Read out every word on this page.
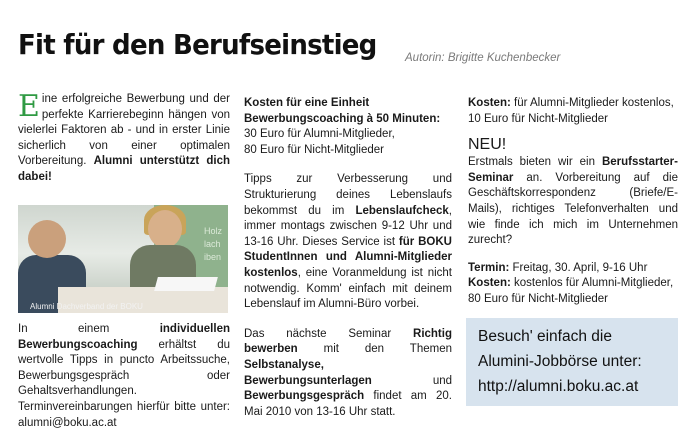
Fit für den Berufseinstieg Autorin: Brigitte Kuchenbecker

Eine erfolgreiche Bewerbung und der perfekte Karrierebeginn hängen von vielerlei Faktoren ab - und in erster Linie sicherlich von einer optimalen Vorbereitung. Alumni unterstützt dich dabei!

Holz
lach
iben
Alumni Dachverband der BOKU

In einem	individuellen Bewerbungscoaching erhältst du wertvolle Tipps in puncto Arbeitssuche, Bewerbungsgespräch oder Gehaltsverhandlungen. Terminvereinbarungen hierfür bitte unter: alumni@boku.ac.at

Kosten für eine Einheit Bewerbungscoaching à 50 Minuten:

30 Euro für Alumni-Mitglieder,

80 Euro für Nicht-Mitglieder

Tipps zur Verbesserung und Strukturierung deines Lebenslaufs bekommst du im Lebenslaufcheck, immer montags zwischen 9-12 Uhr und 13-16 Uhr. Dieses Service ist für BOKU StudentInnen und Alumni-Mitglieder kostenlos, eine Voranmeldung ist nicht notwendig. Komm' einfach mit deinem Lebenslauf im Alumni-Büro vorbei.

Das nächste Seminar Richtig bewerben mit den Themen Selbstanalyse, Bewerbungsunterlagen	und Bewerbungsgespräch findet am 20. Mai 2010 von 13-16 Uhr statt.

Kosten: für Alumni-Mitglieder kostenlos,

10 Euro für Nicht-Mitglieder

NEU!

Erstmals bieten wir ein Berufsstarter-Seminar an. Vorbereitung auf die Geschäftskorrespondenz (Briefe/E-Mails), richtiges Telefonverhalten und wie finde ich mich im Unternehmen zurecht?

Termin: Freitag, 30. April, 9-16 Uhr

Kosten: kostenlos für Alumni-Mitglieder,

80 Euro für Nicht-Mitglieder

Besuch' einfach die
Alumini-Jobbörse unter:
http://alumni.boku.ac.at
